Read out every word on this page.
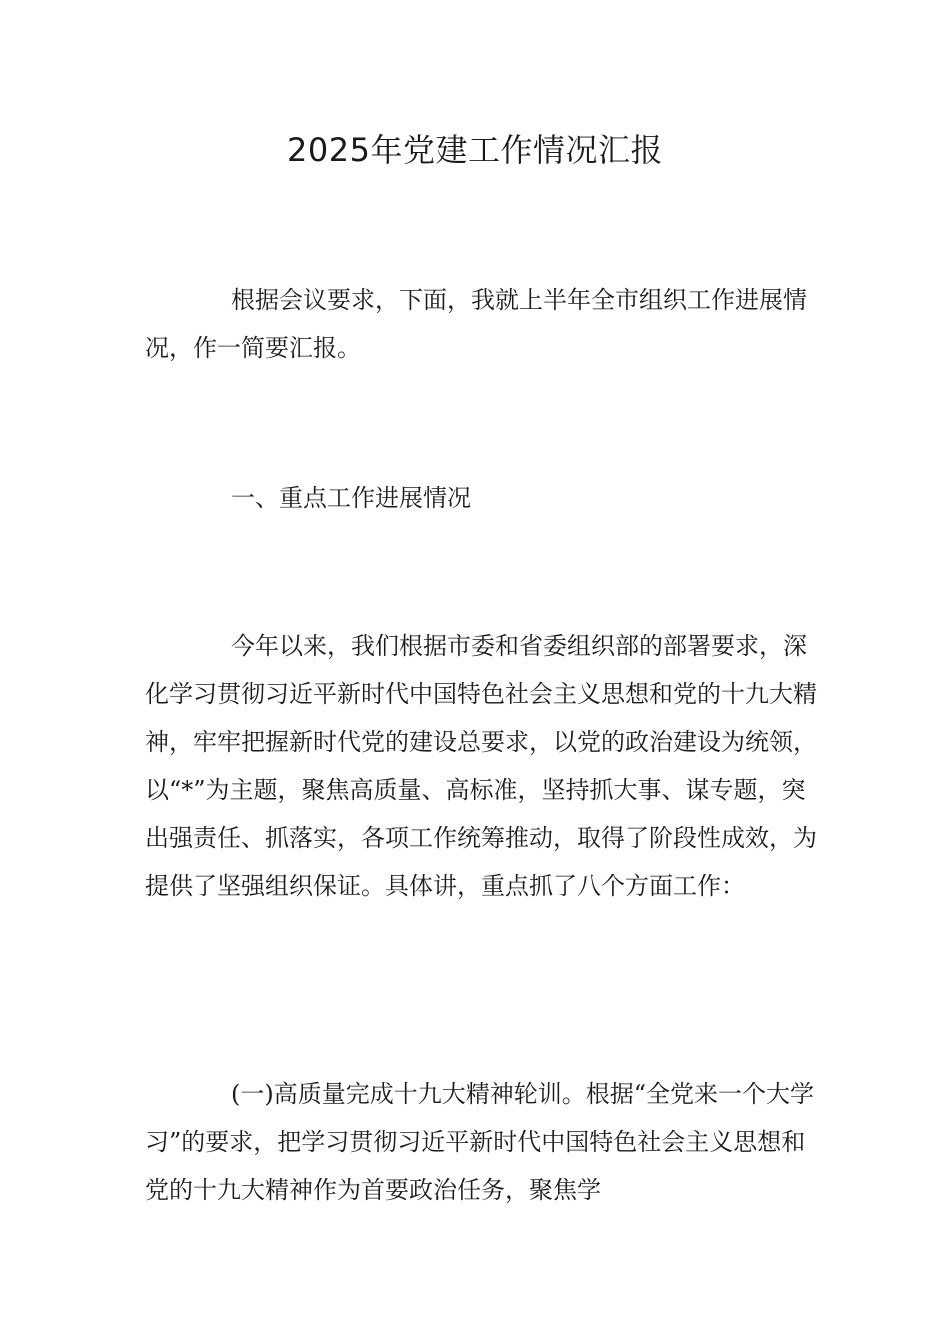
2025年党建工作情况汇报

根据会议要求，下面，我就上半年全市组织工作进展情况，作一简要汇报。

一、重点工作进展情况

今年以来，我们根据市委和省委组织部的部署要求，深化学习贯彻习近平新时代中国特色社会主义思想和党的十九大精神，牢牢把握新时代党的建设总要求，以党的政治建设为统领，以“*”为主题，聚焦高质量、高标准，坚持抓大事、谋专题，突出强责任、抓落实，各项工作统筹推动，取得了阶段性成效，为提供了坚强组织保证。具体讲，重点抓了八个方面工作：

(一)高质量完成十九大精神轮训。根据“全党来一个大学习”的要求，把学习贯彻习近平新时代中国特色社会主义思想和党的十九大精神作为首要政治任务，聚焦学
